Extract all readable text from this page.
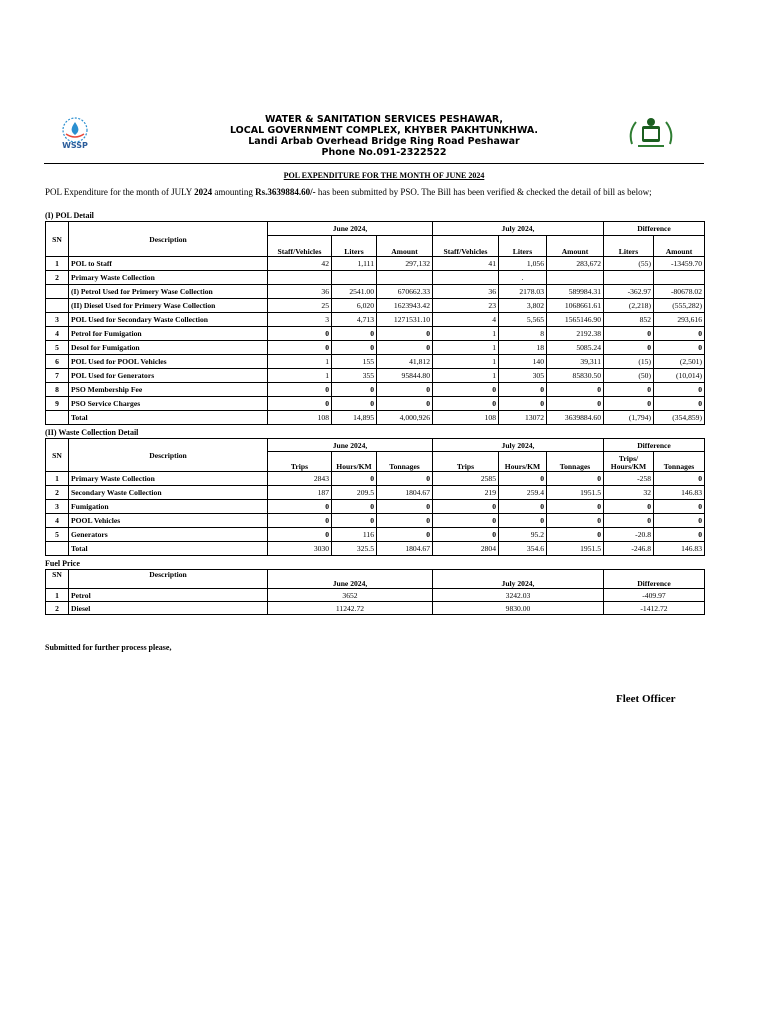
WSSP
WATER & SANITATION SERVICES PESHAWAR,
LOCAL GOVERNMENT COMPLEX, KHYBER PAKHTUNKHWA.
Landi Arbab Overhead Bridge Ring Road Peshawar
Phone No.091-2322522
POL EXPENDITURE FOR THE MONTH OF JUNE 2024
POL Expenditure for the month of JULY 2024 amounting Rs.3639884.60/- has been submitted by PSO. The Bill has been verified & checked the detail of bill as below;
(I) POL Detail
SN	Description	June 2024,			July 2024,			Difference	
		Staff/Vehicles	Liters	Amount	Staff/Vehicles	Liters	Amount	Liters	Amount
1	POL to Staff	42	1,111	297,132	41	1,056	283,672	(55)	-13459.70
2	Primary Waste Collection					.			
	(I) Petrol Used for Primery Wase Collection	36	2541.00	670662.33	36	2178.03	589984.31	-362.97	-80678.02
	(II) Diesel Used for Primery Wase Collection	25	6,020	1623943.42	23	3,802	1068661.61	(2,218)	(555,282)
3	POL Used for Secondary Waste Collection	3	4,713	1271531.10	4	5,565	1565146.90	852	293,616
4	Petrol for Fumigation	0	0	0	1	8	2192.38	0	0
5	Desol for Fumigation	0	0	0	1	18	5085.24	0	0
6	POL Used for POOL Vehicles	1	155	41,812	1	140	39,311	(15)	(2,501)
7	POL Used for Generators	1	355	95844.80	1	305	85830.50	(50)	(10,014)
8	PSO Membership Fee	0	0	0	0	0	0	0	0
9	PSO Service Charges	0	0	0	0	0	0	0	0
	Total	108	14,895	4,000,926	108	13072	3639884.60	(1,794)	(354,859)
(II) Waste Collection Detail
SN	Description	June 2024,			July 2024,			Difference	
		Trips	Hours/KM	Tonnages	Trips	Hours/KM	Tonnages	Trips/ Hours/KM	Tonnages
1	Primary Waste Collection	2843	0	0	2585	0	0	-258	0
2	Secondary Waste Collection	187	209.5	1804.67	219	259.4	1951.5	32	146.83
3	Fumigation	0	0	0	0	0	0	0	0
4	POOL Vehicles	0	0	0	0	0	0	0	0
5	Generators	0	116	0	0	95.2	0	-20.8	0
	Total	3030	325.5	1804.67	2804	354.6	1951.5	-246.8	146.83
Fuel Price
SN	Description	June 2024,	July 2024,	Difference
1	Petrol	3652	3242.03	-409.97
2	Diesel	11242.72	9830.00	-1412.72
Submitted for further process please,
Fleet Officer
